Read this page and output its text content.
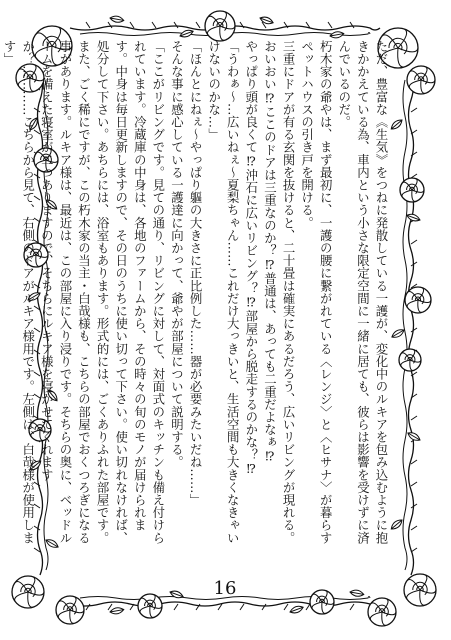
ただ、豊富な《生気》をつねに発散している一護が、変化中のルキアを包み込むように抱きかかえている為、車内という小さな限定空間に一緒に居ても、彼らは影響を受けずに済んでいるのだ。

朽木家の爺やは、まず最初に、一護の腰に繋がれている〈レンジ〉と〈ヒサナ〉が暮らすペットハウスの引き戸を開ける。

三重にドアが有る玄関を抜けると、二十畳は確実にあるだろう、広いリビングが現れる。

おいおい⁉ここのドアは三重なのか？⁉普通は、あっても二重だよなぁ⁉

やっぱり頭が良くて⁉沖石に広いリビング？⁉部屋から脱走するのかな？⁉

「うわぁ〜…広いねぇ〜夏梨ちゃん……これだけ大っきいと、生活空間も大きくなきゃいけないのかな…」

「ほんとにねぇ〜やっぱり軀の大きさに正比例した……器が必要みたいだね……」

そんな事に感心している一護達に向かって、爺やが部屋について説明する。

「ここがリビングです。見ての通り、リビングに対して、対面式のキッチンも備え付けられています。冷蔵庫の中身は、各地のファームから、その時々の旬のモノが届けられます。中身は毎日更新しますので、その日のうちに使い切って下さい。使い切れなければ、処分して下さい。あちらには、浴室もあります。形式的には、ごくありふれた部屋です。また、ごく稀にですが、この朽木家の当主・白哉様も、こちらの部屋でおくつろぎになる事があります。ルキア様は、最近は、この部屋に入り浸りです。そちらの奥に、ベッドルームを備えた寝室が二つありますので、そちらにルキア様を寝かせてくれますか？…………こちらから見て、右側のドアがルキア様用です。左側は、白哉様が使用します」

16
